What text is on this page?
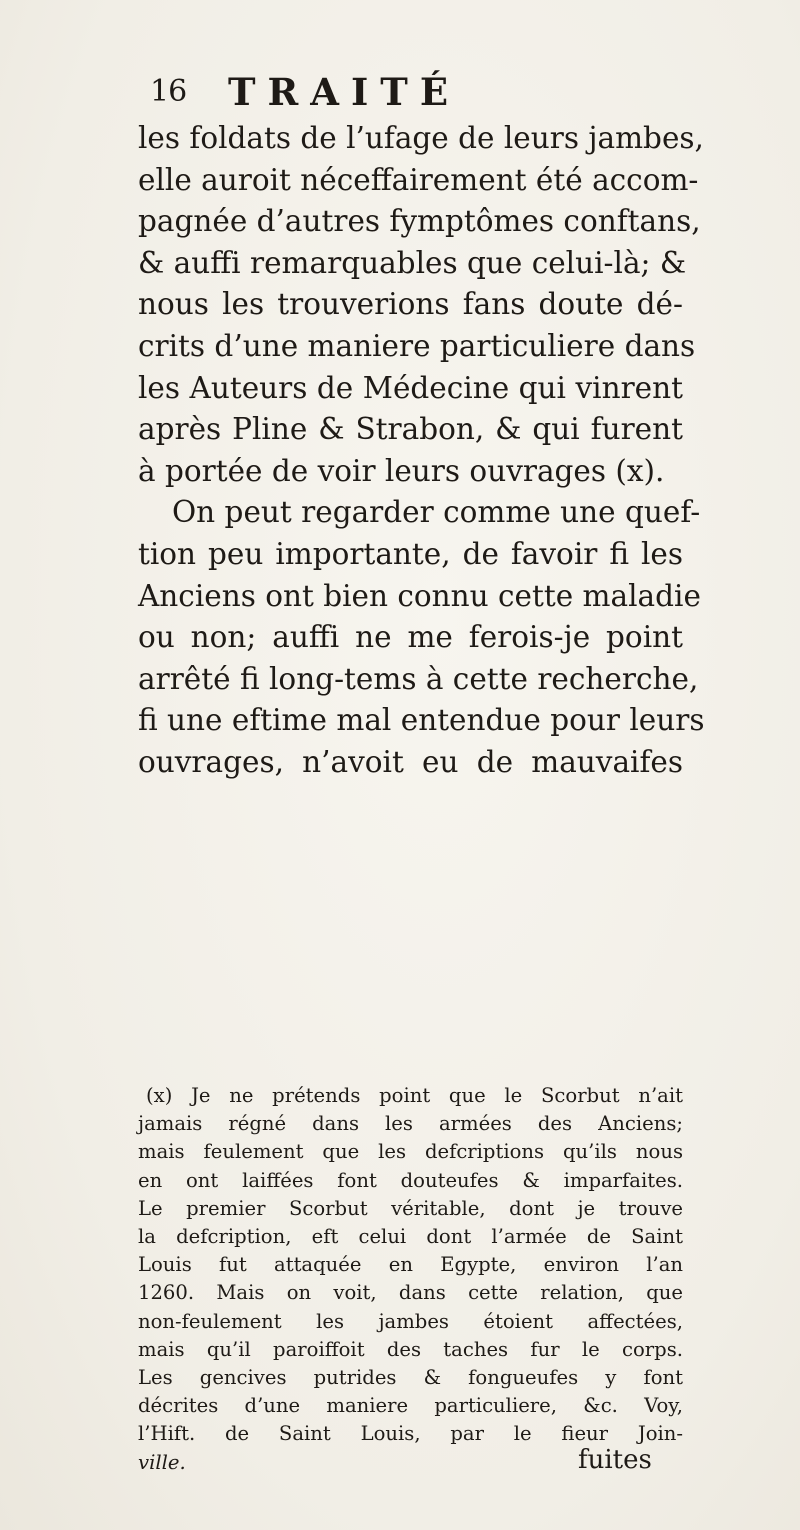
16 TRAITÉ
les foldats de l’ufage de leurs jambes,
elle auroit néceffairement été accom-
pagnée d’autres fymptômes conftans,
& auffi remarquables que celui-là; &
nous les trouverions fans doute dé-
crits d’une maniere particuliere dans
les Auteurs de Médecine qui vinrent
après Pline & Strabon, & qui furent
à portée de voir leurs ouvrages (x).
On peut regarder comme une quef-
tion peu importante, de favoir fi les
Anciens ont bien connu cette maladie
ou non; auffi ne me ferois-je point
arrêté fi long-tems à cette recherche,
fi une eftime mal entendue pour leurs
ouvrages, n’avoit eu de mauvaifes
(x) Je ne prétends point que le Scorbut n’ait
jamais régné dans les armées des Anciens;
mais feulement que les defcriptions qu’ils nous
en ont laiffées font douteufes & imparfaites.
Le premier Scorbut véritable, dont je trouve
la defcription, eft celui dont l’armée de Saint
Louis fut attaquée en Egypte, environ l’an
1260. Mais on voit, dans cette relation, que
non-feulement les jambes étoient affectées,
mais qu’il paroiffoit des taches fur le corps.
Les gencives putrides & fongueufes y font
décrites d’une maniere particuliere, &c. Voy,
l’Hift. de Saint Louis, par le fieur Join-
ville.	fuites
